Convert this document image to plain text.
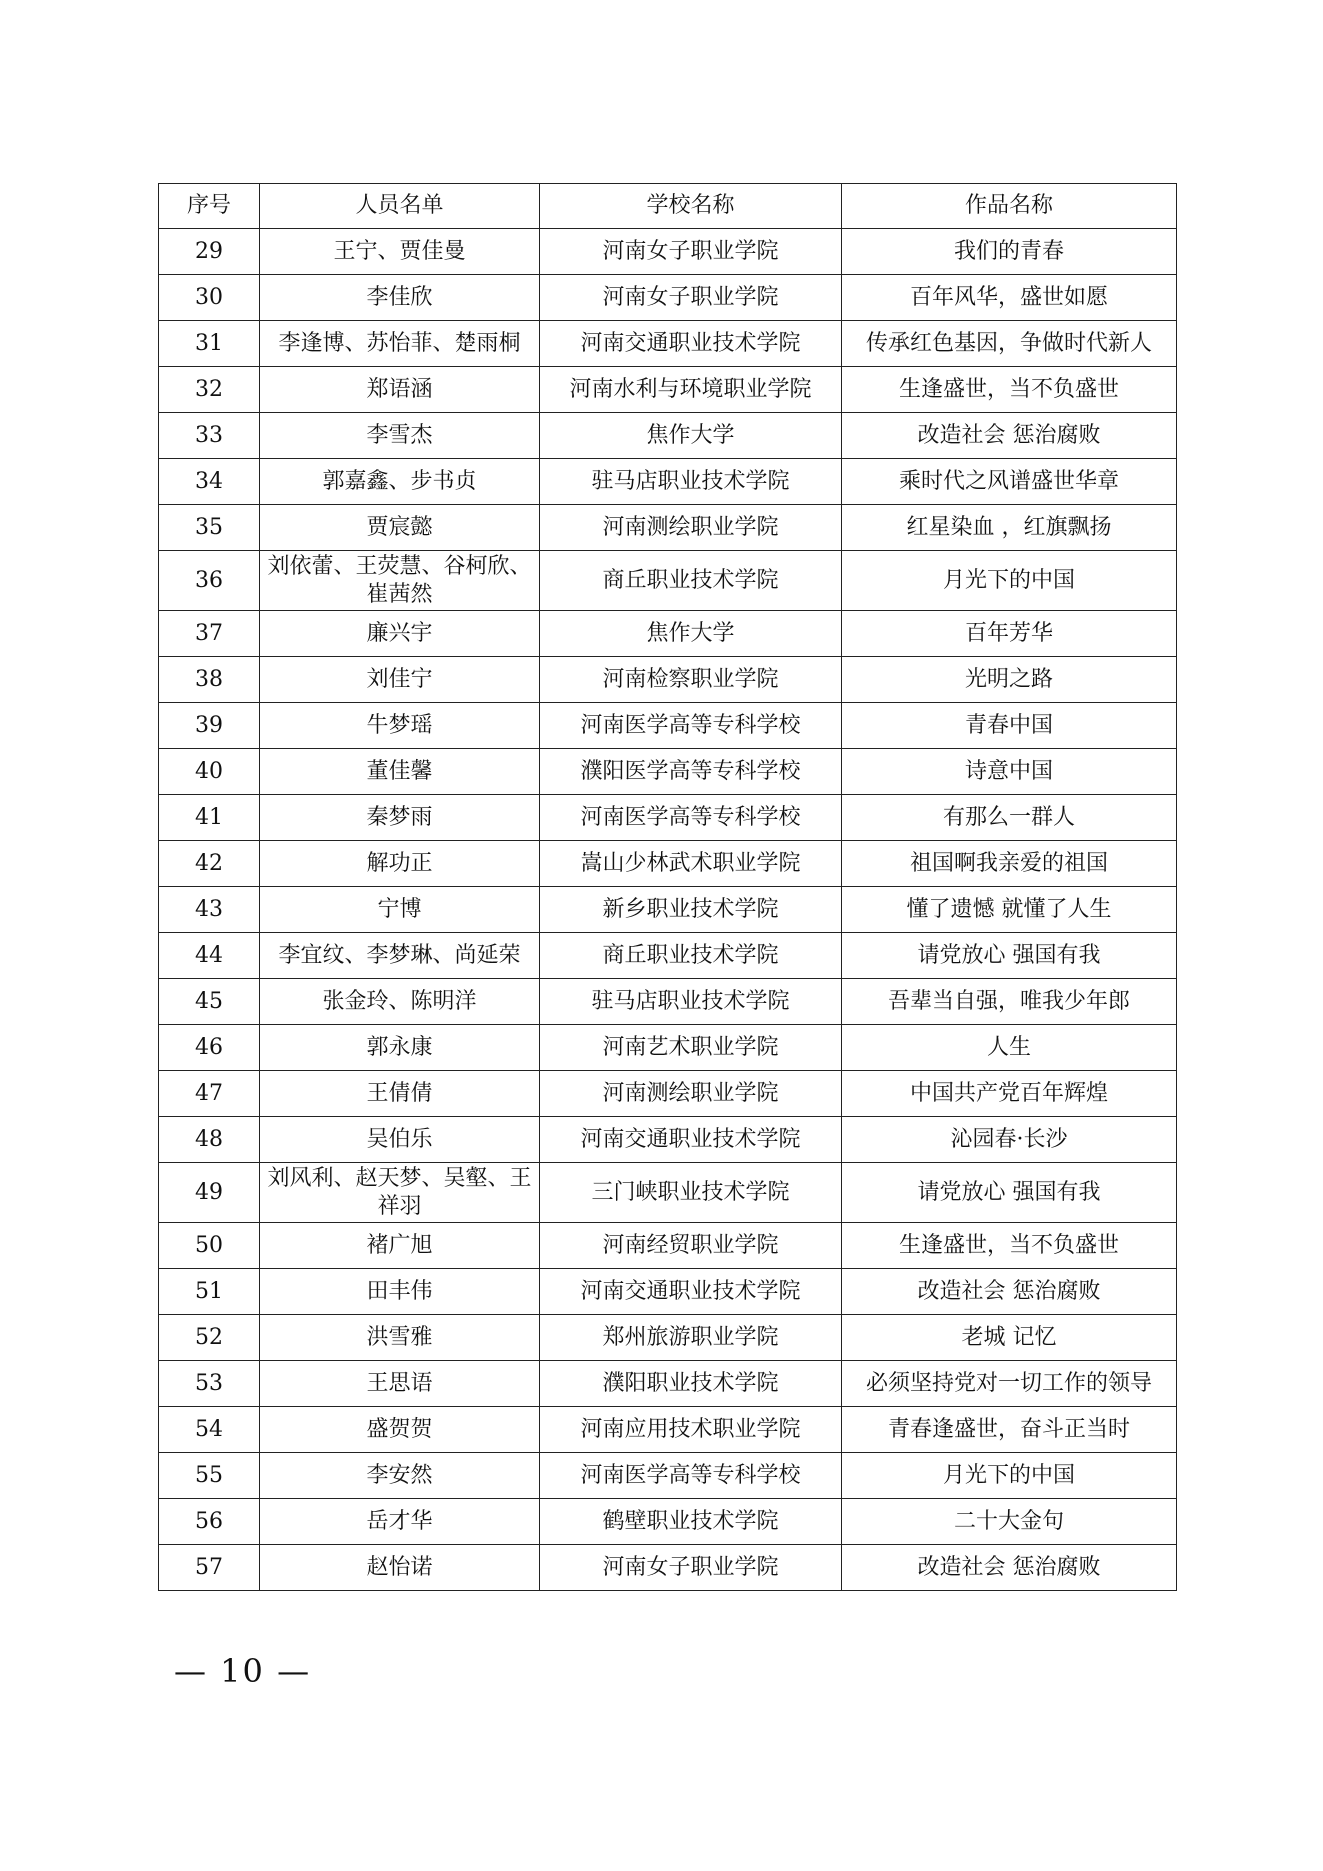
序号	人员名单	学校名称	作品名称
29	王宁、贾佳曼	河南女子职业学院	我们的青春
30	李佳欣	河南女子职业学院	百年风华，盛世如愿
31	李逢博、苏怡菲、楚雨桐	河南交通职业技术学院	传承红色基因，争做时代新人
32	郑语涵	河南水利与环境职业学院	生逢盛世，当不负盛世
33	李雪杰	焦作大学	改造社会 惩治腐败
34	郭嘉鑫、步书贞	驻马店职业技术学院	乘时代之风谱盛世华章
35	贾宸懿	河南测绘职业学院	红星染血 ，红旗飘扬
36	刘依蕾、王荧慧、谷柯欣、崔茜然	商丘职业技术学院	月光下的中国
37	廉兴宇	焦作大学	百年芳华
38	刘佳宁	河南检察职业学院	光明之路
39	牛梦瑶	河南医学高等专科学校	青春中国
40	董佳馨	濮阳医学高等专科学校	诗意中国
41	秦梦雨	河南医学高等专科学校	有那么一群人
42	解功正	嵩山少林武术职业学院	祖国啊我亲爱的祖国
43	宁博	新乡职业技术学院	懂了遗憾 就懂了人生
44	李宜纹、李梦琳、尚延荣	商丘职业技术学院	请党放心 强国有我
45	张金玲、陈明洋	驻马店职业技术学院	吾辈当自强，唯我少年郎
46	郭永康	河南艺术职业学院	人生
47	王倩倩	河南测绘职业学院	中国共产党百年辉煌
48	吴伯乐	河南交通职业技术学院	沁园春·长沙
49	刘风利、赵天梦、吴壑、王祥羽	三门峡职业技术学院	请党放心 强国有我
50	褚广旭	河南经贸职业学院	生逢盛世，当不负盛世
51	田丰伟	河南交通职业技术学院	改造社会 惩治腐败
52	洪雪雅	郑州旅游职业学院	老城 记忆
53	王思语	濮阳职业技术学院	必须坚持党对一切工作的领导
54	盛贺贺	河南应用技术职业学院	青春逢盛世，奋斗正当时
55	李安然	河南医学高等专科学校	月光下的中国
56	岳才华	鹤壁职业技术学院	二十大金句
57	赵怡诺	河南女子职业学院	改造社会 惩治腐败
— 10 —
